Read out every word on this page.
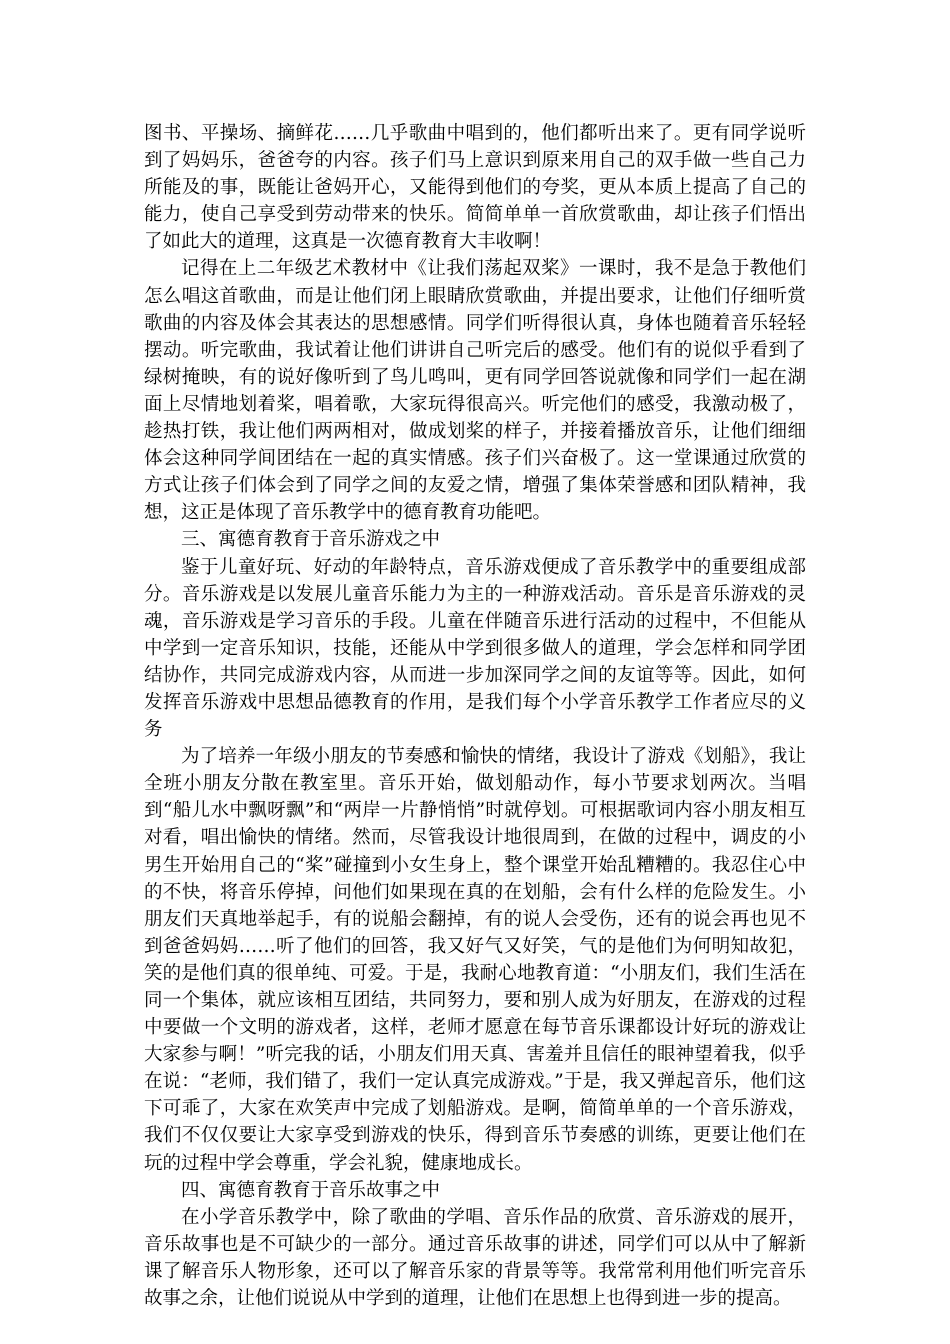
图书、平操场、摘鲜花……几乎歌曲中唱到的，他们都听出来了。更有同学说听到了妈妈乐，爸爸夸的内容。孩子们马上意识到原来用自己的双手做一些自己力所能及的事，既能让爸妈开心，又能得到他们的夸奖，更从本质上提高了自己的能力，使自己享受到劳动带来的快乐。简简单单一首欣赏歌曲，却让孩子们悟出了如此大的道理，这真是一次德育教育大丰收啊！

记得在上二年级艺术教材中《让我们荡起双桨》一课时，我不是急于教他们怎么唱这首歌曲，而是让他们闭上眼睛欣赏歌曲，并提出要求，让他们仔细听赏歌曲的内容及体会其表达的思想感情。同学们听得很认真，身体也随着音乐轻轻摆动。听完歌曲，我试着让他们讲讲自己听完后的感受。他们有的说似乎看到了绿树掩映，有的说好像听到了鸟儿鸣叫，更有同学回答说就像和同学们一起在湖面上尽情地划着桨，唱着歌，大家玩得很高兴。听完他们的感受，我激动极了，趁热打铁，我让他们两两相对，做成划桨的样子，并接着播放音乐，让他们细细体会这种同学间团结在一起的真实情感。孩子们兴奋极了。这一堂课通过欣赏的方式让孩子们体会到了同学之间的友爱之情，增强了集体荣誉感和团队精神，我想，这正是体现了音乐教学中的德育教育功能吧。

三、寓德育教育于音乐游戏之中

鉴于儿童好玩、好动的年龄特点，音乐游戏便成了音乐教学中的重要组成部分。音乐游戏是以发展儿童音乐能力为主的一种游戏活动。音乐是音乐游戏的灵魂，音乐游戏是学习音乐的手段。儿童在伴随音乐进行活动的过程中，不但能从中学到一定音乐知识，技能，还能从中学到很多做人的道理，学会怎样和同学团结协作，共同完成游戏内容，从而进一步加深同学之间的友谊等等。因此，如何发挥音乐游戏中思想品德教育的作用，是我们每个小学音乐教学工作者应尽的义务

为了培养一年级小朋友的节奏感和愉快的情绪，我设计了游戏《划船》，我让全班小朋友分散在教室里。音乐开始，做划船动作，每小节要求划两次。当唱到“船儿水中飘呀飘”和“两岸一片静悄悄”时就停划。可根据歌词内容小朋友相互对看，唱出愉快的情绪。然而，尽管我设计地很周到，在做的过程中，调皮的小男生开始用自己的“桨”碰撞到小女生身上，整个课堂开始乱糟糟的。我忍住心中的不快，将音乐停掉，问他们如果现在真的在划船，会有什么样的危险发生。小朋友们天真地举起手，有的说船会翻掉，有的说人会受伤，还有的说会再也见不到爸爸妈妈……听了他们的回答，我又好气又好笑，气的是他们为何明知故犯，笑的是他们真的很单纯、可爱。于是，我耐心地教育道：“小朋友们，我们生活在同一个集体，就应该相互团结，共同努力，要和别人成为好朋友，在游戏的过程中要做一个文明的游戏者，这样，老师才愿意在每节音乐课都设计好玩的游戏让大家参与啊！”听完我的话，小朋友们用天真、害羞并且信任的眼神望着我，似乎在说：“老师，我们错了，我们一定认真完成游戏。”于是，我又弹起音乐，他们这下可乖了，大家在欢笑声中完成了划船游戏。是啊，简简单单的一个音乐游戏，我们不仅仅要让大家享受到游戏的快乐，得到音乐节奏感的训练，更要让他们在玩的过程中学会尊重，学会礼貌，健康地成长。

四、寓德育教育于音乐故事之中

在小学音乐教学中，除了歌曲的学唱、音乐作品的欣赏、音乐游戏的展开，音乐故事也是不可缺少的一部分。通过音乐故事的讲述，同学们可以从中了解新课了解音乐人物形象，还可以了解音乐家的背景等等。我常常利用他们听完音乐故事之余，让他们说说从中学到的道理，让他们在思想上也得到进一步的提高。
